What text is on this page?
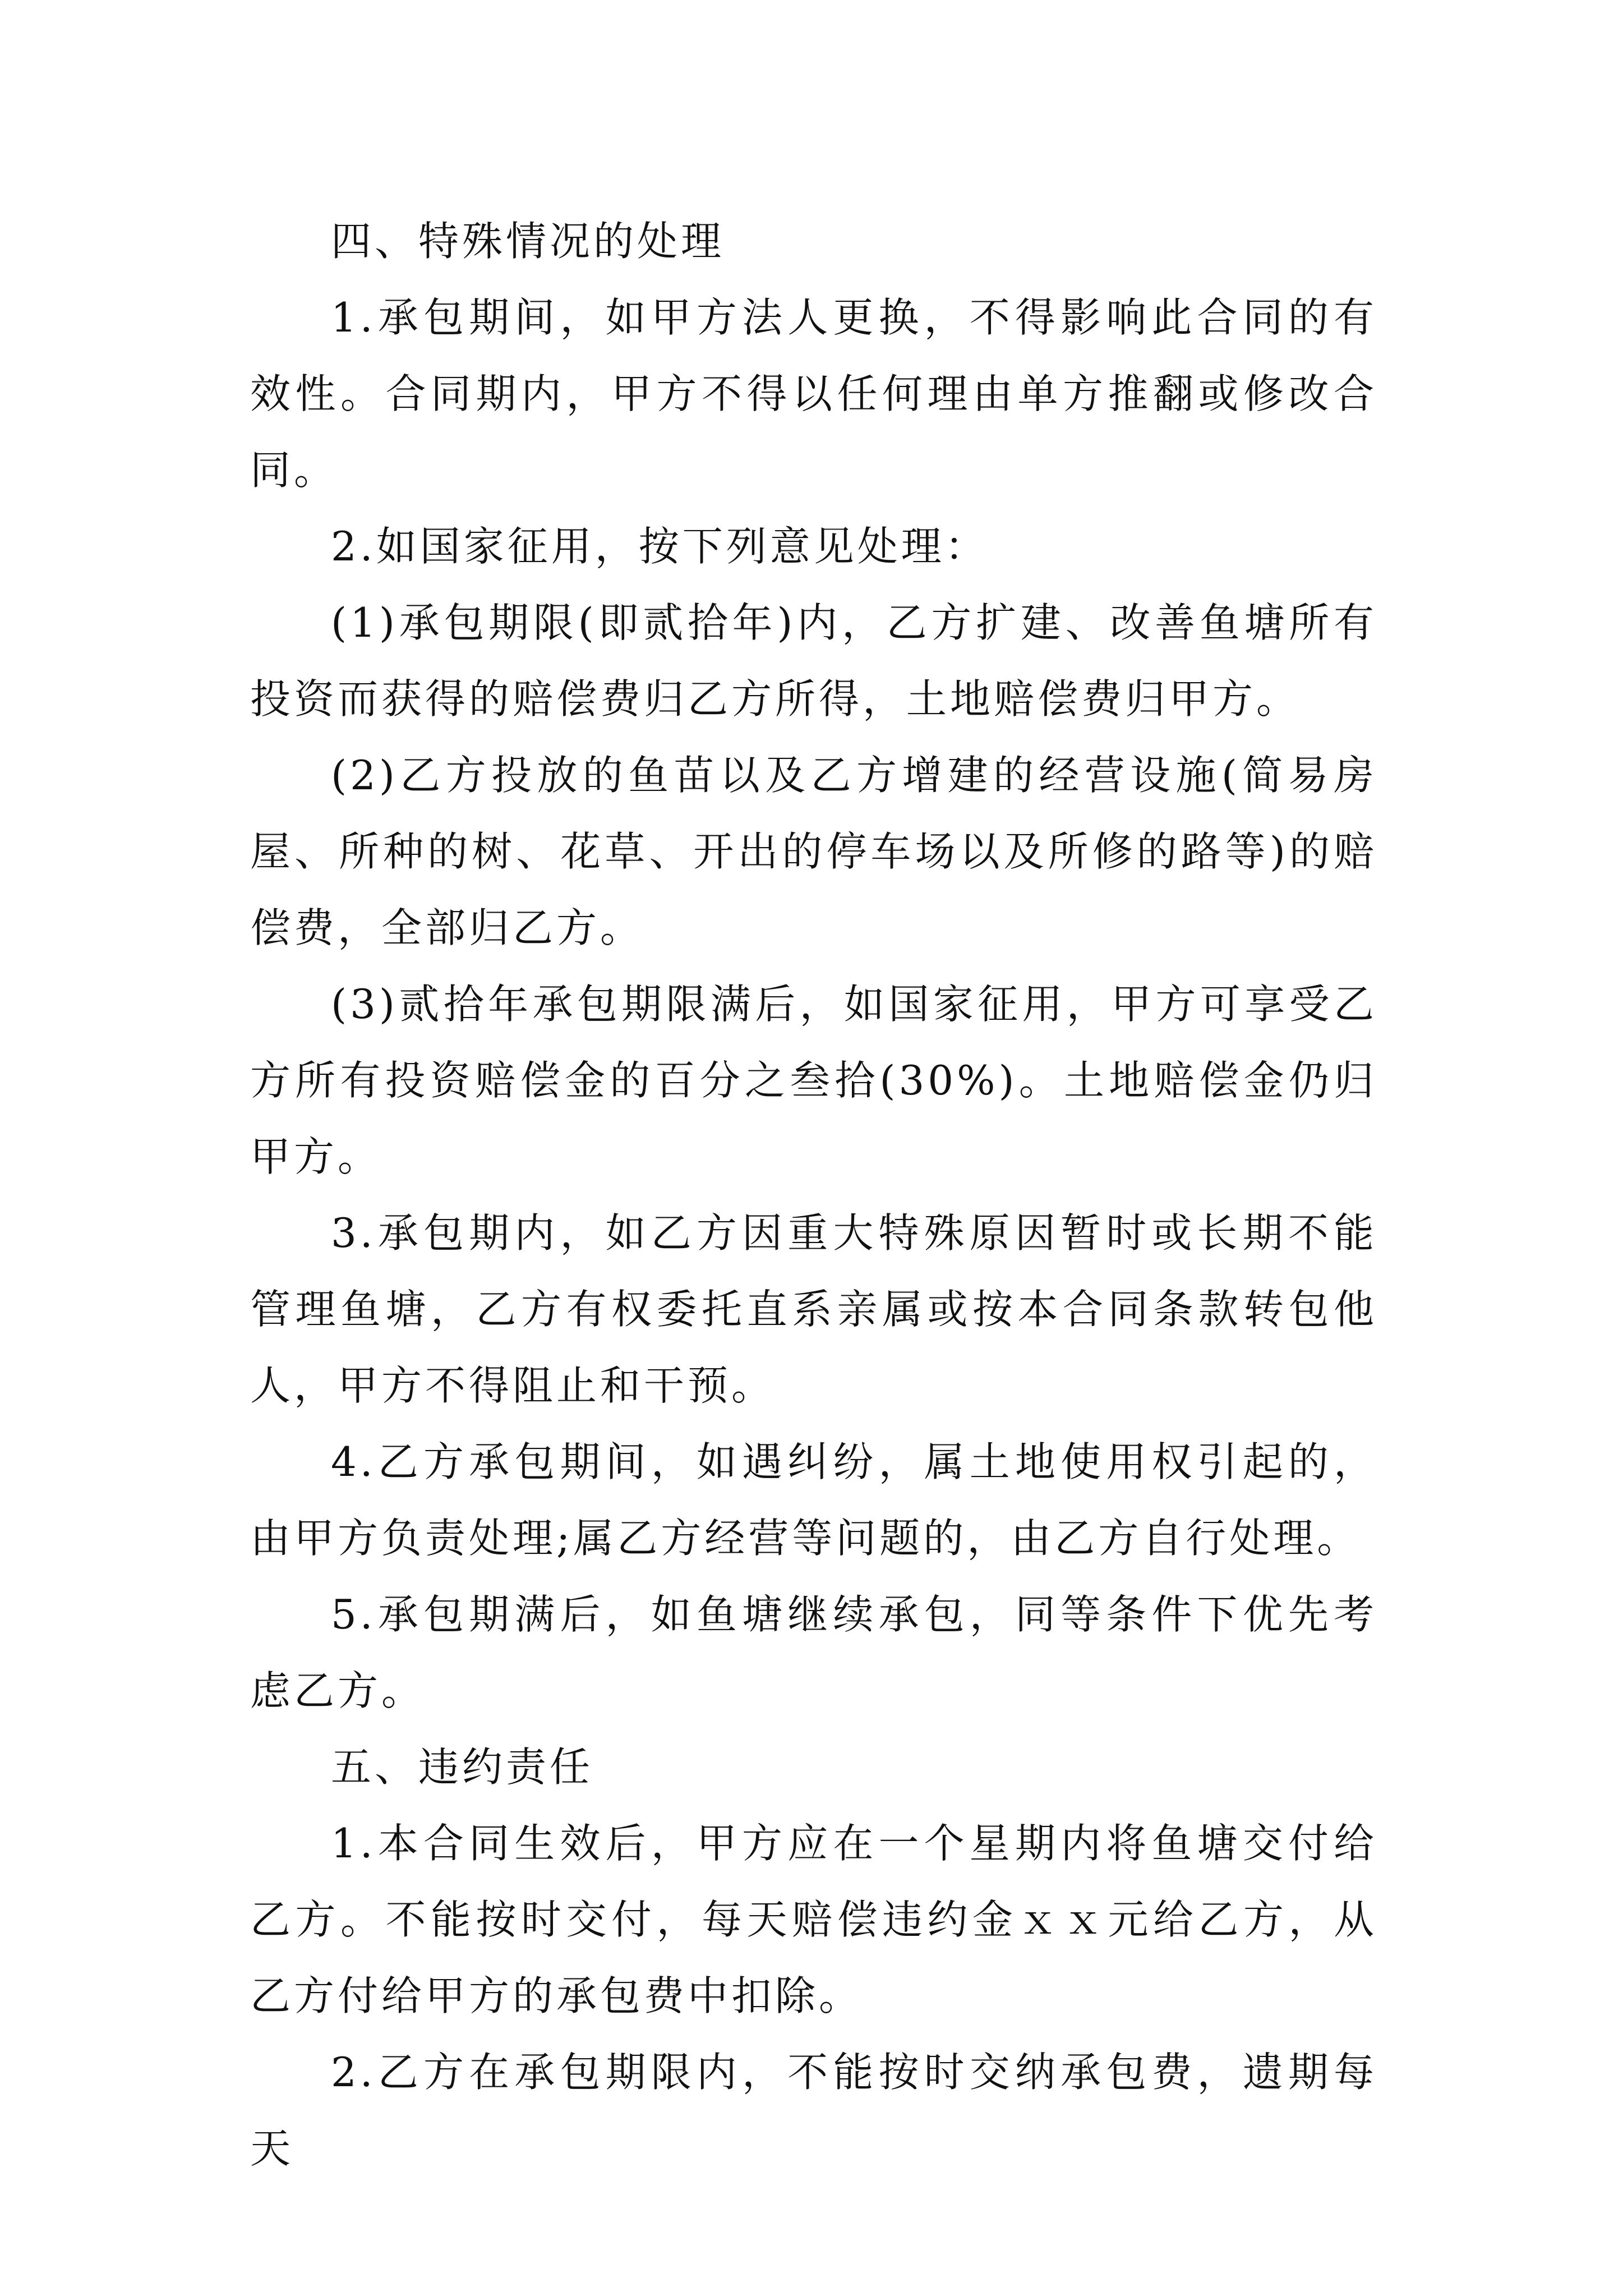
四、特殊情况的处理

1.承包期间，如甲方法人更换，不得影响此合同的有效性。合同期内，甲方不得以任何理由单方推翻或修改合同。

2.如国家征用，按下列意见处理：

(1)承包期限(即贰拾年)内，乙方扩建、改善鱼塘所有投资而获得的赔偿费归乙方所得，土地赔偿费归甲方。

(2)乙方投放的鱼苗以及乙方增建的经营设施(简易房屋、所种的树、花草、开出的停车场以及所修的路等)的赔偿费，全部归乙方。

(3)贰拾年承包期限满后，如国家征用，甲方可享受乙方所有投资赔偿金的百分之叁拾(30%)。土地赔偿金仍归甲方。

3.承包期内，如乙方因重大特殊原因暂时或长期不能管理鱼塘，乙方有权委托直系亲属或按本合同条款转包他人，甲方不得阻止和干预。

4.乙方承包期间，如遇纠纷，属土地使用权引起的，由甲方负责处理;属乙方经营等问题的，由乙方自行处理。

5.承包期满后，如鱼塘继续承包，同等条件下优先考虑乙方。

五、违约责任

1.本合同生效后，甲方应在一个星期内将鱼塘交付给乙方。不能按时交付，每天赔偿违约金ｘｘ元给乙方，从乙方付给甲方的承包费中扣除。

2.乙方在承包期限内，不能按时交纳承包费，遗期每天
